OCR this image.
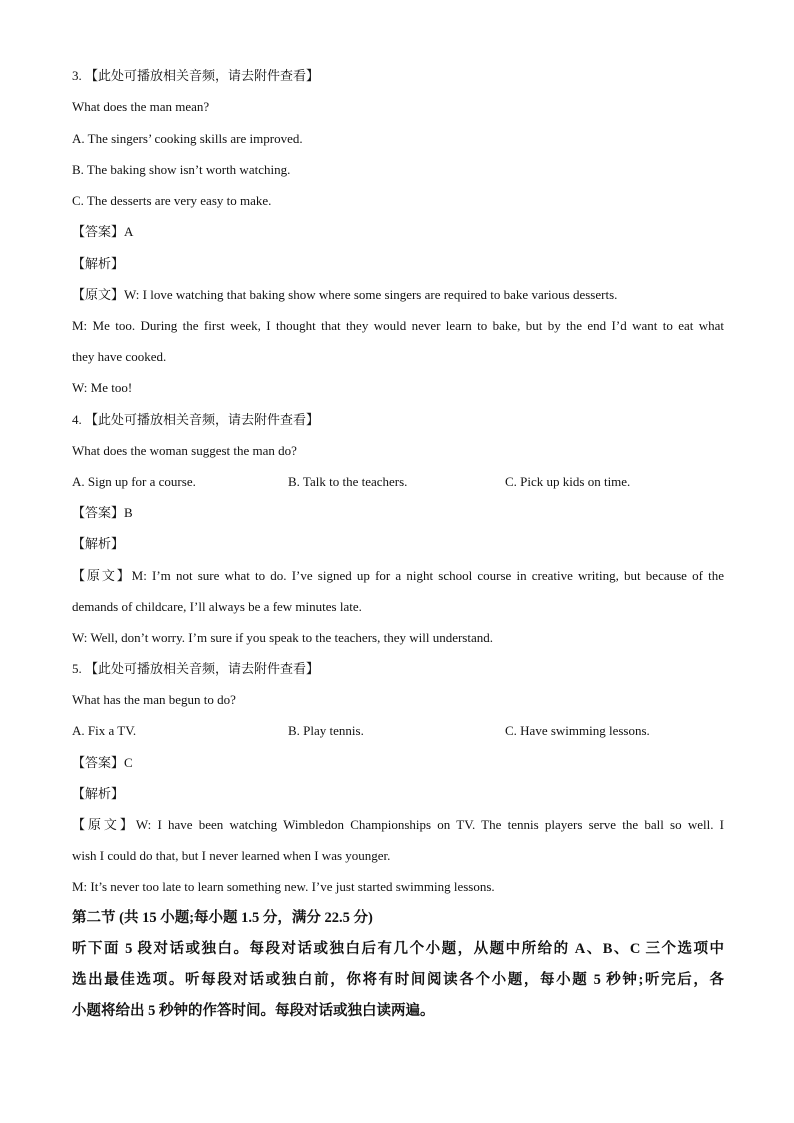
3. 【此处可播放相关音频，请去附件查看】
What does the man mean?
A. The singers’ cooking skills are improved.
B. The baking show isn’t worth watching.
C. The desserts are very easy to make.
【答案】A
【解析】
【原文】W: I love watching that baking show where some singers are required to bake various desserts.
M: Me too. During the first week, I thought that they would never learn to bake, but by the end I’d want to eat what
they have cooked.
W: Me too!
4. 【此处可播放相关音频，请去附件查看】
What does the woman suggest the man do?
A. Sign up for a course.	B. Talk to the teachers.	C. Pick up kids on time.
【答案】B
【解析】
【原文】M: I’m not sure what to do. I’ve signed up for a night school course in creative writing, but because of the
demands of childcare, I’ll always be a few minutes late.
W: Well, don’t worry. I’m sure if you speak to the teachers, they will understand.
5. 【此处可播放相关音频，请去附件查看】
What has the man begun to do?
A. Fix a TV.	B. Play tennis.	C. Have swimming lessons.
【答案】C
【解析】
【原文】W: I have been watching Wimbledon Championships on TV. The tennis players serve the ball so well. I
wish I could do that, but I never learned when I was younger.
M: It’s never too late to learn something new. I’ve just started swimming lessons.
第二节 (共 15 小题;每小题 1.5 分，满分 22.5 分)
听下面 5 段对话或独白。每段对话或独白后有几个小题，从题中所给的 A、B、C 三个选项中
选出最佳选项。听每段对话或独白前，你将有时间阅读各个小题，每小题 5 秒钟;听完后，各
小题将给出 5 秒钟的作答时间。每段对话或独白读两遍。
